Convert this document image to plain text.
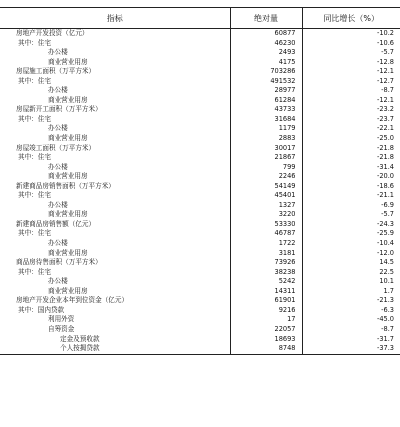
指标	绝对量	同比增长（%）
房地产开发投资（亿元）	60877	-10.2
其中：住宅	46230	-10.6
办公楼	2493	-5.7
商业营业用房	4175	-12.8
房屋施工面积（万平方米）	703286	-12.1
其中：住宅	491532	-12.7
办公楼	28977	-8.7
商业营业用房	61284	-12.1
房屋新开工面积（万平方米）	43733	-23.2
其中：住宅	31684	-23.7
办公楼	1179	-22.1
商业营业用房	2883	-25.0
房屋竣工面积（万平方米）	30017	-21.8
其中：住宅	21867	-21.8
办公楼	799	-31.4
商业营业用房	2246	-20.0
新建商品房销售面积（万平方米）	54149	-18.6
其中：住宅	45401	-21.1
办公楼	1327	-6.9
商业营业用房	3220	-5.7
新建商品房销售额（亿元）	53330	-24.3
其中：住宅	46787	-25.9
办公楼	1722	-10.4
商业营业用房	3181	-12.0
商品房待售面积（万平方米）	73926	14.5
其中：住宅	38238	22.5
办公楼	5242	10.1
商业营业用房	14311	1.7
房地产开发企业本年到位资金（亿元）	61901	-21.3
其中：国内贷款	9216	-6.3
利用外资	17	-45.0
自筹资金	22057	-8.7
定金及预收款	18693	-31.7
个人按揭贷款	8748	-37.3
